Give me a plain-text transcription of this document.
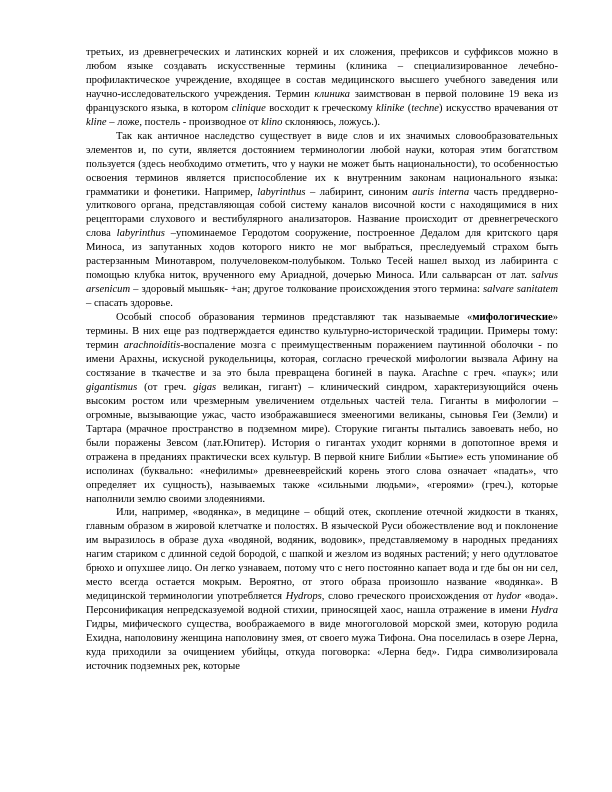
третьих, из древнегреческих и латинских корней и их сложения, префиксов и суффиксов можно в любом языке создавать искусственные термины (клиника – специализированное лечебно-профилактическое учреждение, входящее в состав медицинского высшего учебного заведения или научно-исследовательского учреждения. Термин клиника заимствован в первой половине 19 века из французского языка, в котором clinique восходит к греческому klinike (techne) искусство врачевания от kline – ложе, постель - производное от klino склоняюсь, ложусь.).

Так как античное наследство существует в виде слов и их значимых словообразовательных элементов и, по сути, является достоянием терминологии любой науки, которая этим богатством пользуется (здесь необходимо отметить, что у науки не может быть национальности), то особенностью освоения терминов является приспособление их к внутренним законам национального языка: грамматики и фонетики. Например, labyrinthus – лабиринт, синоним auris interna часть преддверно-улиткового органа, представляющая собой систему каналов височной кости с находящимися в них рецепторами слухового и вестибулярного анализаторов. Название происходит от древнегреческого слова labyrinthus –упоминаемое Геродотом сооружение, построенное Дедалом для критского царя Миноса, из запутанных ходов которого никто не мог выбраться, преследуемый страхом быть растерзанным Минотавром, получеловеком-полубыком. Только Тесей нашел выход из лабиринта с помощью клубка ниток, врученного ему Ариадной, дочерью Миноса. Или сальварсан от лат. salvus arsenicum – здоровый мышьяк- +ан; другое толкование происхождения этого термина: salvare sanitatem – спасать здоровье.

Особый способ образования терминов представляют так называемые «мифологические» термины. В них еще раз подтверждается единство культурно-исторической традиции. Примеры тому: термин arachnoiditis-воспаление мозга с преимущественным поражением паутинной оболочки - по имени Арахны, искусной рукодельницы, которая, согласно греческой мифологии вызвала Афину на состязание в ткачестве и за это была превращена богиней в паука. Arachne с греч. «паук»; или gigantismus (от греч. gigas великан, гигант) – клинический синдром, характеризующийся очень высоким ростом или чрезмерным увеличением отдельных частей тела. Гиганты в мифологии – огромные, вызывающие ужас, часто изображавшиеся змееногими великаны, сыновья Геи (Земли) и Тартара (мрачное пространство в подземном мире). Сторукие гиганты пытались завоевать небо, но были поражены Зевсом (лат.Юпитер). История о гигантах уходит корнями в допотопное время и отражена в преданиях практически всех культур. В первой книге Библии «Бытие» есть упоминание об исполинах (буквально: «нефилимы» древнееврейский корень этого слова означает «падать», что определяет их сущность), называемых также «сильными людьми», «героями» (греч.), которые наполнили землю своими злодеяниями.

Или, например, «водянка», в медицине – общий отек, скопление отечной жидкости в тканях, главным образом в жировой клетчатке и полостях. В языческой Руси обожествление вод и поклонение им выразилось в образе духа «водяной, водяник, водовик», представляемому в народных преданиях нагим стариком с длинной седой бородой, с шапкой и жезлом из водяных растений; у него одутловатое брюхо и опухшее лицо. Он легко узнаваем, потому что с него постоянно капает вода и где бы он ни сел, место всегда остается мокрым. Вероятно, от этого образа произошло название «водянка». В медицинской терминологии употребляется Hydrops, слово греческого происхождения от hydor «вода». Персонификация непредсказуемой водной стихии, приносящей хаос, нашла отражение в имени Hydra Гидры, мифического существа, воображаемого в виде многоголовой морской змеи, которую родила Ехидна, наполовину женщина наполовину змея, от своего мужа Тифона. Она поселилась в озере Лерна, куда приходили за очищением убийцы, откуда поговорка: «Лерна бед». Гидра символизировала источник подземных рек, которые
